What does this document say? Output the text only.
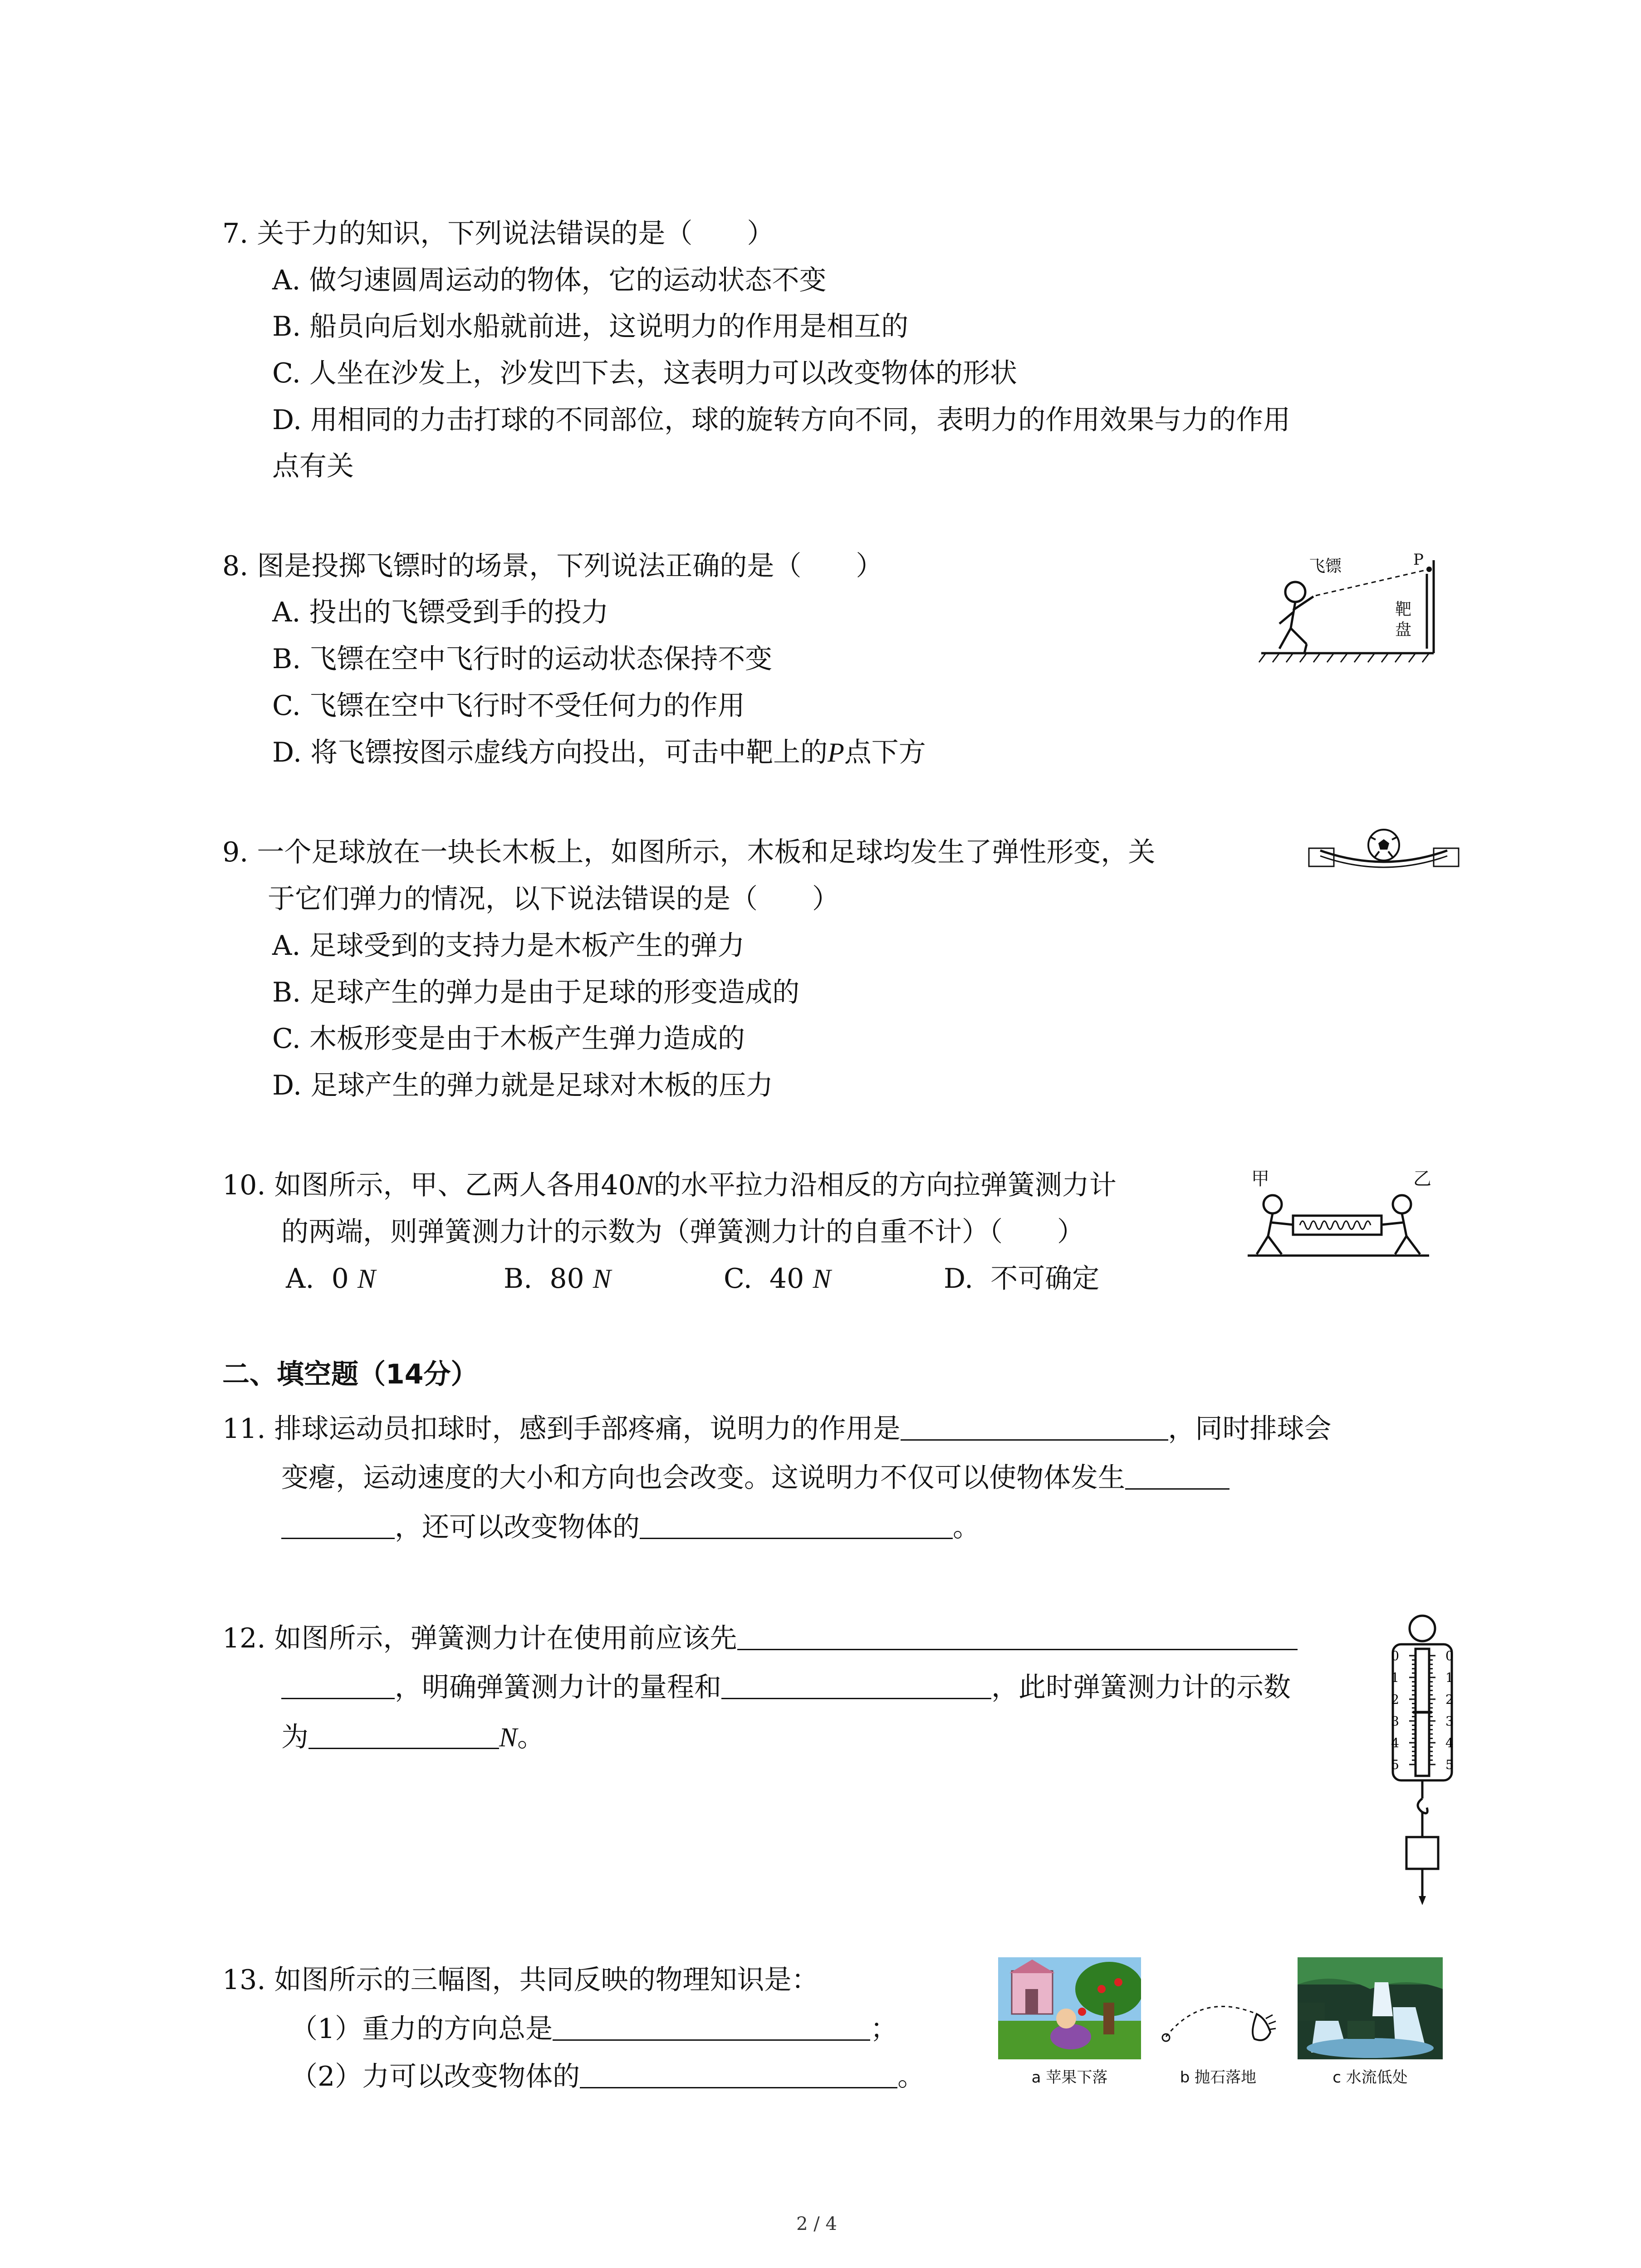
7. 关于力的知识，下列说法错误的是（　　）
A. 做匀速圆周运动的物体，它的运动状态不变
B. 船员向后划水船就前进，这说明力的作用是相互的
C. 人坐在沙发上，沙发凹下去，这表明力可以改变物体的形状
D. 用相同的力击打球的不同部位，球的旋转方向不同，表明力的作用效果与力的作用
点有关
8. 图是投掷飞镖时的场景，下列说法正确的是（　　）
A. 投出的飞镖受到手的投力
B. 飞镖在空中飞行时的运动状态保持不变
C. 飞镖在空中飞行时不受任何力的作用
D. 将飞镖按图示虚线方向投出，可击中靶上的P点下方
飞镖	P
靶
盘
9. 一个足球放在一块长木板上，如图所示，木板和足球均发生了弹性形变，关
于它们弹力的情况，以下说法错误的是（　　）
A. 足球受到的支持力是木板产生的弹力
B. 足球产生的弹力是由于足球的形变造成的
C. 木板形变是由于木板产生弹力造成的
D. 足球产生的弹力就是足球对木板的压力
10. 如图所示，甲、乙两人各用40N的水平拉力沿相反的方向拉弹簧测力计
的两端，则弹簧测力计的示数为（弹簧测力计的自重不计）（　　）
A. 0 N	B. 80 N	C. 40 N	D. 不可确定
甲	乙
二、填空题（14分）
11. 排球运动员扣球时，感到手部疼痛，说明力的作用是	，同时排球会
变瘪，运动速度的大小和方向也会改变。这说明力不仅可以使物体发生
，还可以改变物体的	。
12. 如图所示，弹簧测力计在使用前应该先
，明确弹簧测力计的量程和	，此时弹簧测力计的示数
为	N。
0	0
1	1
2	2
3	3
4	4
5	5
13. 如图所示的三幅图，共同反映的物理知识是：
（1）重力的方向总是	；
（2）力可以改变物体的	。	a 苹果下落	b 抛石落地	c 水流低处
2 / 4
